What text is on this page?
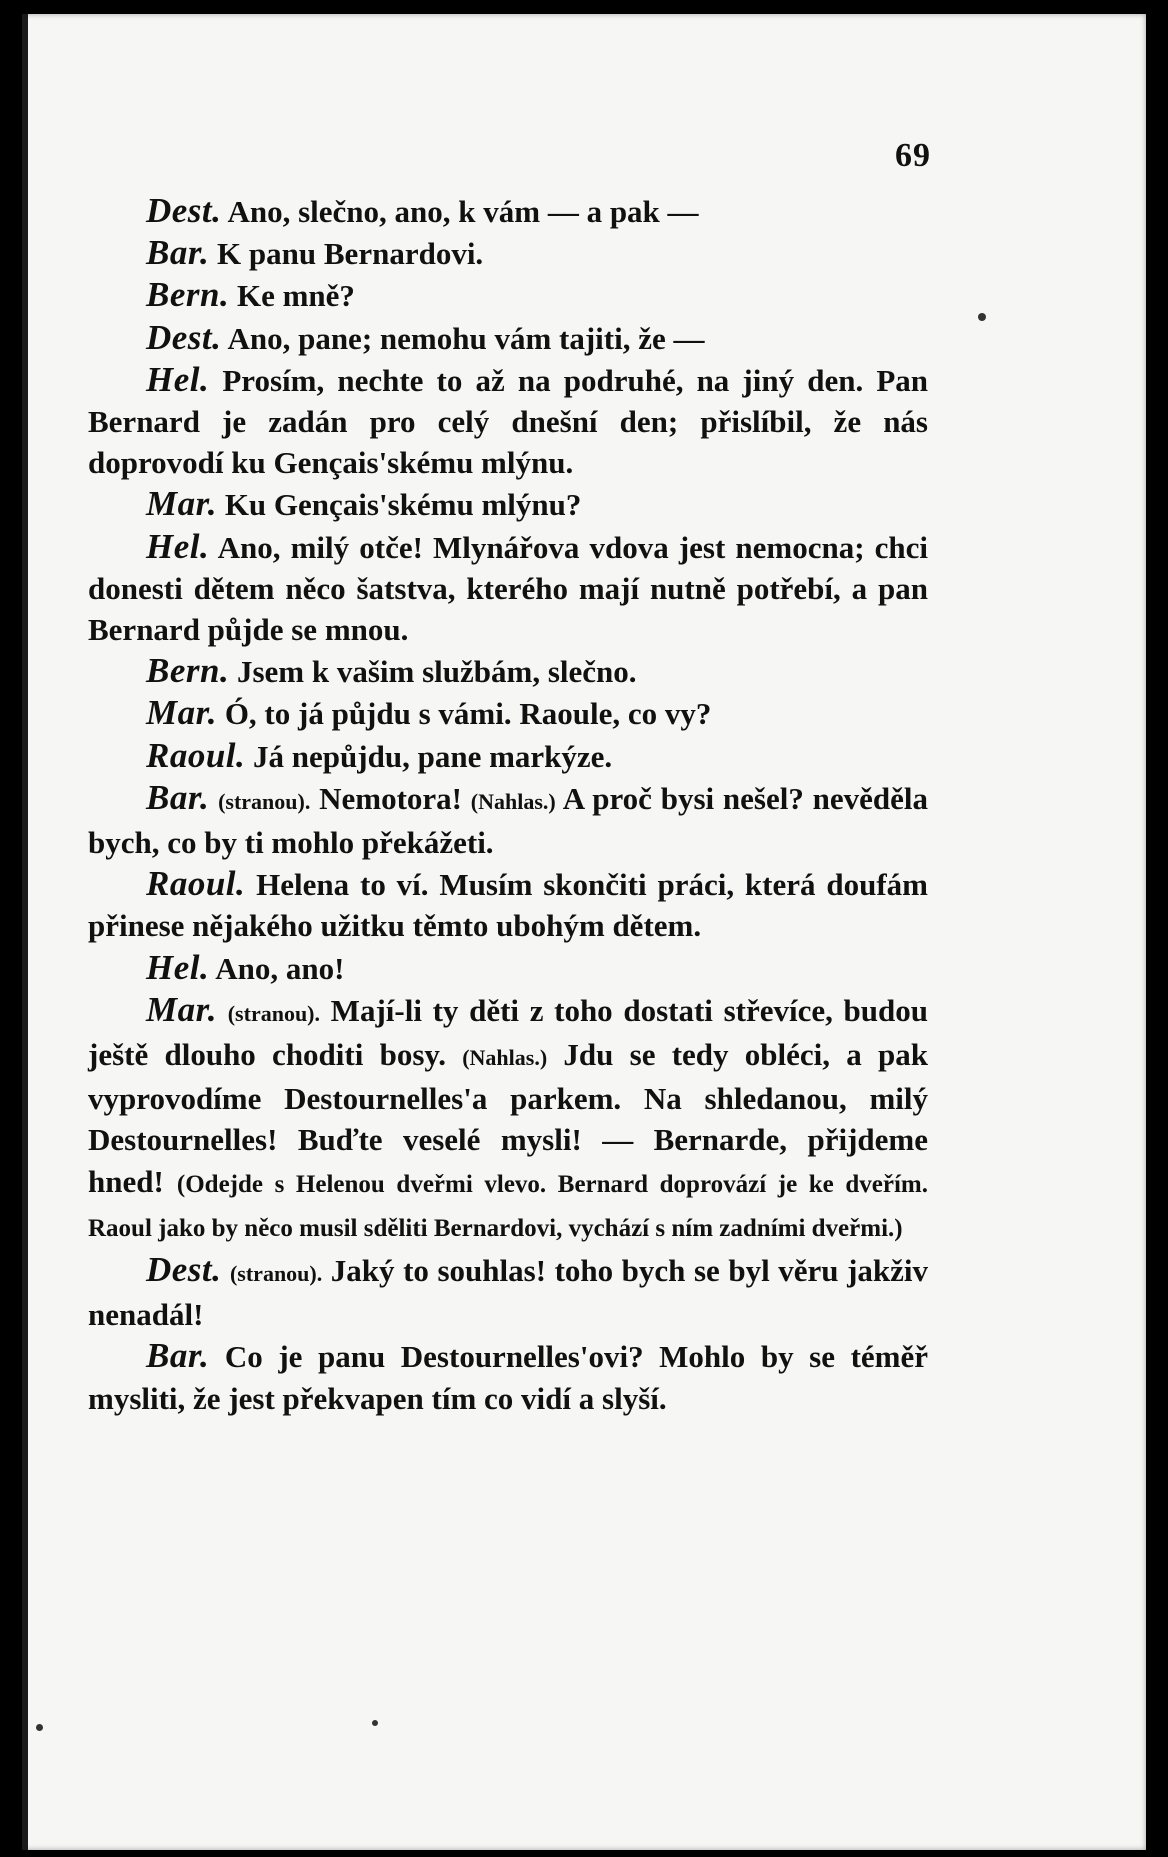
69

Dest. Ano, slečno, ano, k vám — a pak —

Bar. K panu Bernardovi.

Bern. Ke mně?

Dest. Ano, pane; nemohu vám tajiti, že —

Hel. Prosím, nechte to až na podruhé, na jiný den. Pan Bernard je zadán pro celý dnešní den; přislíbil, že nás doprovodí ku Gençais'skému mlýnu.

Mar. Ku Gençais'skému mlýnu?

Hel. Ano, milý otče! Mlynářova vdova jest nemocna; chci donesti dětem něco šatstva, kterého mají nutně potřebí, a pan Bernard půjde se mnou.

Bern. Jsem k vašim službám, slečno.

Mar. Ó, to já půjdu s vámi. Raoule, co vy?

Raoul. Já nepůjdu, pane markýze.

Bar. (stranou). Nemotora! (Nahlas.) A proč bysi nešel? nevěděla bych, co by ti mohlo překážeti.

Raoul. Helena to ví. Musím skončiti práci, která doufám přinese nějakého užitku těmto ubohým dětem.

Hel. Ano, ano!

Mar. (stranou). Mají-li ty děti z toho dostati střevíce, budou ještě dlouho choditi bosy. (Nahlas.) Jdu se tedy obléci, a pak vyprovodíme Destournelles'a parkem. Na shledanou, milý Destournelles! Buďte veselé mysli! — Bernarde, přijdeme hned! (Odejde s Helenou dveřmi vlevo. Bernard doprovází je ke dveřím. Raoul jako by něco musil sděliti Bernardovi, vychází s ním zadními dveřmi.)

Dest. (stranou). Jaký to souhlas! toho bych se byl věru jakživ nenadál!

Bar. Co je panu Destournelles'ovi? Mohlo by se téměř mysliti, že jest překvapen tím co vidí a slyší.
